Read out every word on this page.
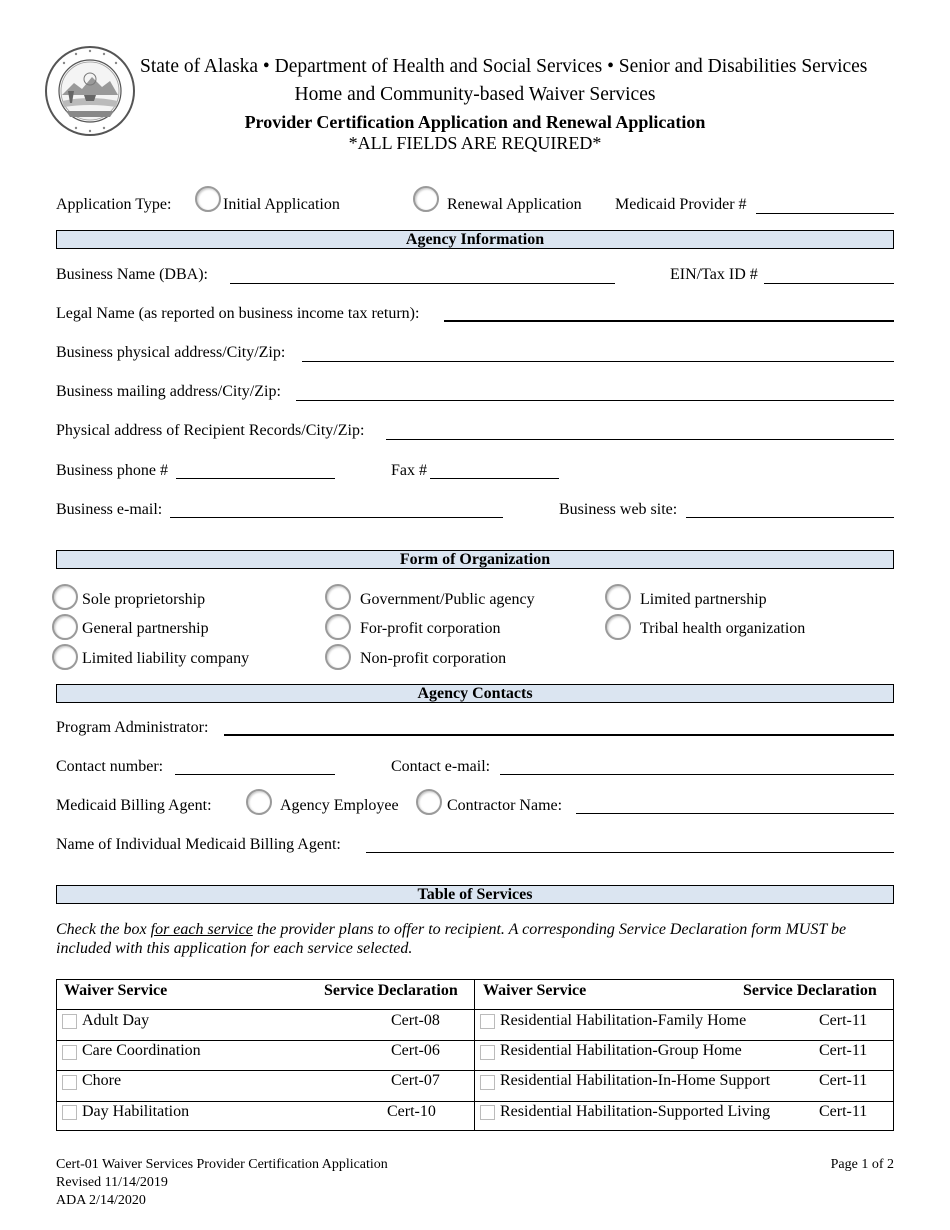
State of Alaska • Department of Health and Social Services • Senior and Disabilities Services
Home and Community-based Waiver Services
Provider Certification Application and Renewal Application
*ALL FIELDS ARE REQUIRED*
Application Type:	Initial Application	Renewal Application Medicaid Provider #
Agency Information
Business Name (DBA):	EIN/Tax ID #
Legal Name (as reported on business income tax return):
Business physical address/City/Zip:
Business mailing address/City/Zip:
Physical address of Recipient Records/City/Zip:
Business phone #	Fax #
Business e-mail:	Business web site:
Form of Organization
Sole proprietorship
General partnership
Limited liability company
Government/Public agency
For-profit corporation
Non-profit corporation
Limited partnership
Tribal health organization
Agency Contacts
Program Administrator:
Contact number:	Contact e-mail:
Medicaid Billing Agent:	Agency Employee	Contractor Name:
Name of Individual Medicaid Billing Agent:
Table of Services
Check the box for each service the provider plans to offer to recipient. A corresponding Service Declaration form MUST be included with this application for each service selected.
Waiver Service	Service Declaration Waiver Service	Service Declaration
Adult Day	Cert-08
Care Coordination	Cert-06
Chore	Cert-07
Day Habilitation	Cert-10
Residential Habilitation-Family Home	Cert-11
Residential Habilitation-Group Home	Cert-11
Residential Habilitation-In-Home Support	Cert-11
Residential Habilitation-Supported Living	Cert-11
Cert-01 Waiver Services Provider Certification Application
Revised 11/14/2019
ADA 2/14/2020
Page 1 of 2
